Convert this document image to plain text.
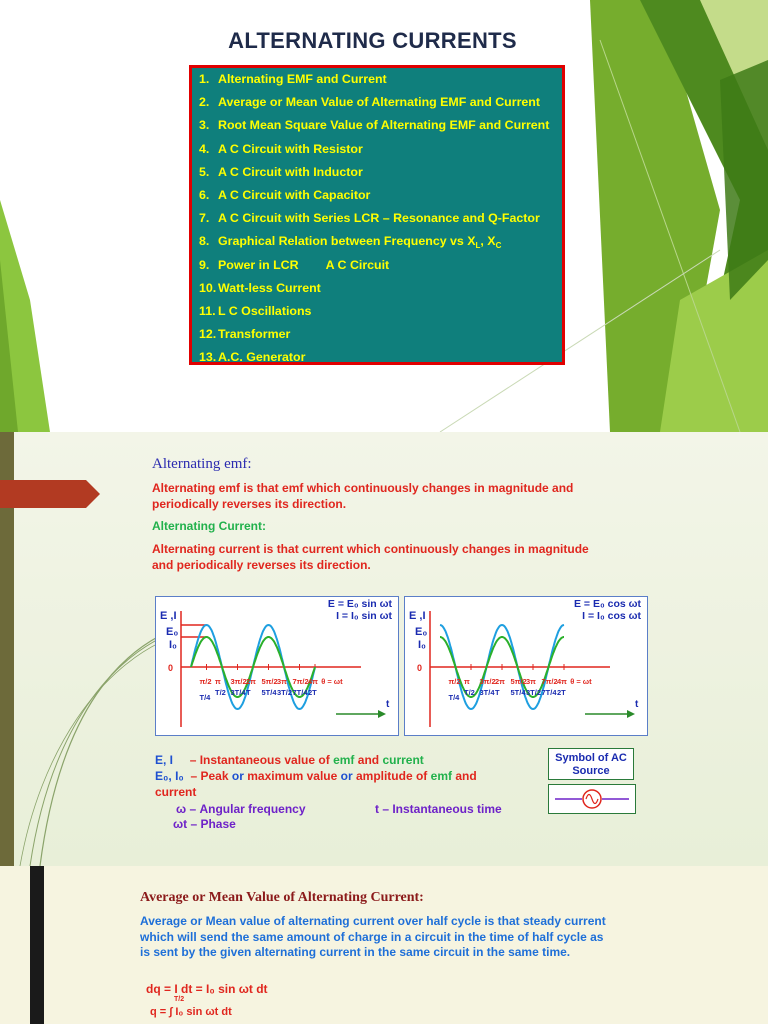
ALTERNATING CURRENTS
1. Alternating EMF and Current
2. Average or Mean Value of Alternating EMF and Current
3. Root Mean Square Value of Alternating EMF and Current
4. A C Circuit with Resistor
5. A C Circuit with Inductor
6. A C Circuit with Capacitor
7. A C Circuit with Series LCR – Resonance and Q-Factor
8. Graphical Relation between Frequency vs $X_L$, $X_C$
9. Power in LCR        A C Circuit
10. Watt-less Current
11. L C Oscillations
12. Transformer
13. A.C. Generator
Alternating emf:
Alternating emf is that emf which continuously changes in magnitude and
periodically reverses its direction.
Alternating Current:
Alternating current is that current which continuously changes in magnitude
and periodically reverses its direction.
E ,I
E₀
I₀
0
π/2 π 3π/2 2π 5π/2 3π 7π/2 4π θ = ωt
T/4
T/2 3T/4 T 5T/4 3T/2 7T/4 2T
t
E = E₀ sin ωt
I = I₀ sin ωt E ,I
E₀
I₀
0
π/2 π 3π/2 2π 5π/2 3π 7π/2 4π θ = ωt
T/4
T/2 3T/4 T 5T/4 3T/2 7T/4 2T
t
E = E₀ cos ωt
I = I₀ cos ωt
E, I – Instantaneous value of emf and current
E₀, I₀ – Peak or maximum value or amplitude of emf and
current
ω – Angular frequency	t – Instantaneous time
ωt – Phase
Symbol of AC Source
Average or Mean Value of Alternating Current:
Average or Mean value of alternating current over half cycle is that steady current which will send the same amount of charge in a circuit in the time of half cycle as is sent by the given alternating current in the same circuit in the same time.
dq = I dt = I₀ sin ωt dt
T/2
q = ∫ I₀ sin ωt dt
